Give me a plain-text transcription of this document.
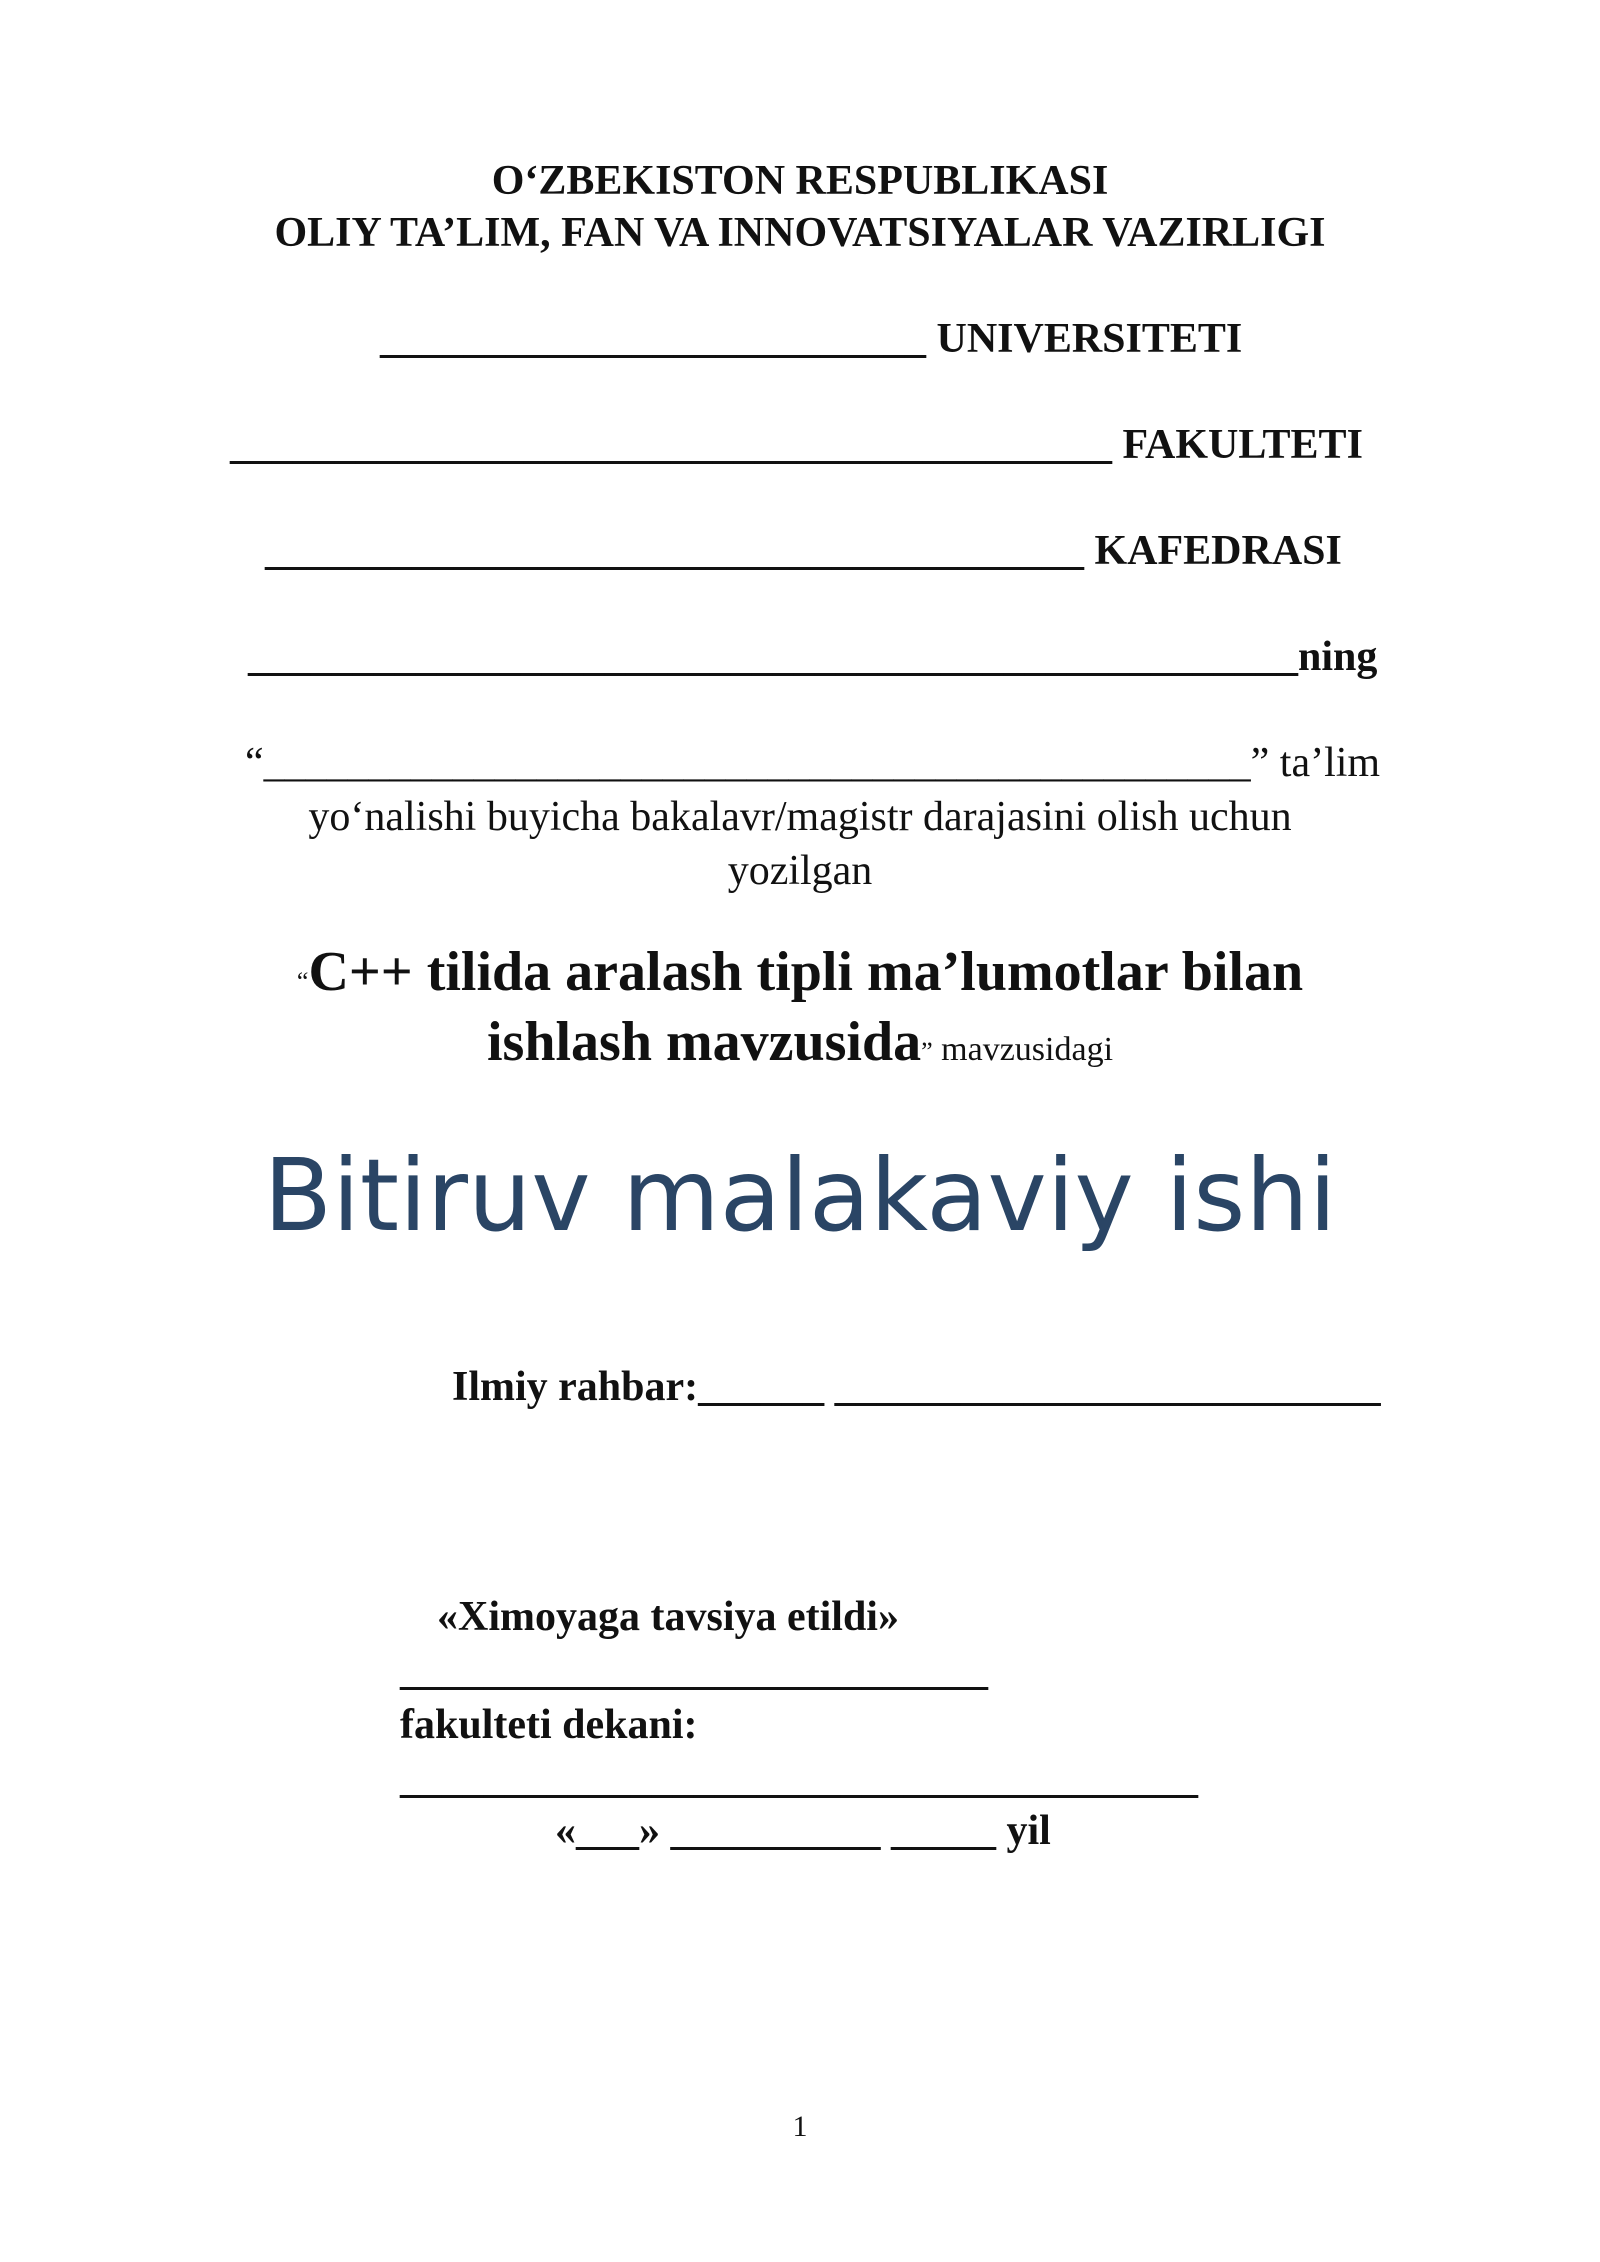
O‘ZBEKISTON RESPUBLIKASI
OLIY TA’LIM, FAN VA INNOVATSIYALAR VAZIRLIGI
__________________________ UNIVERSITETI
__________________________________________ FAKULTETI
_______________________________________ KAFEDRASI
__________________________________________________ning
“_______________________________________________” ta’lim
yo‘nalishi buyicha bakalavr/magistr darajasini olish uchun
yozilgan
“C++ tilida aralash tipli ma’lumotlar bilan
ishlash mavzusida” mavzusidagi
Bitiruv malakaviy ishi
Ilmiy rahbar:______ __________________________
«Ximoyaga tavsiya etildi»
____________________________
fakulteti dekani:
______________________________________
«___» __________ _____ yil
1
